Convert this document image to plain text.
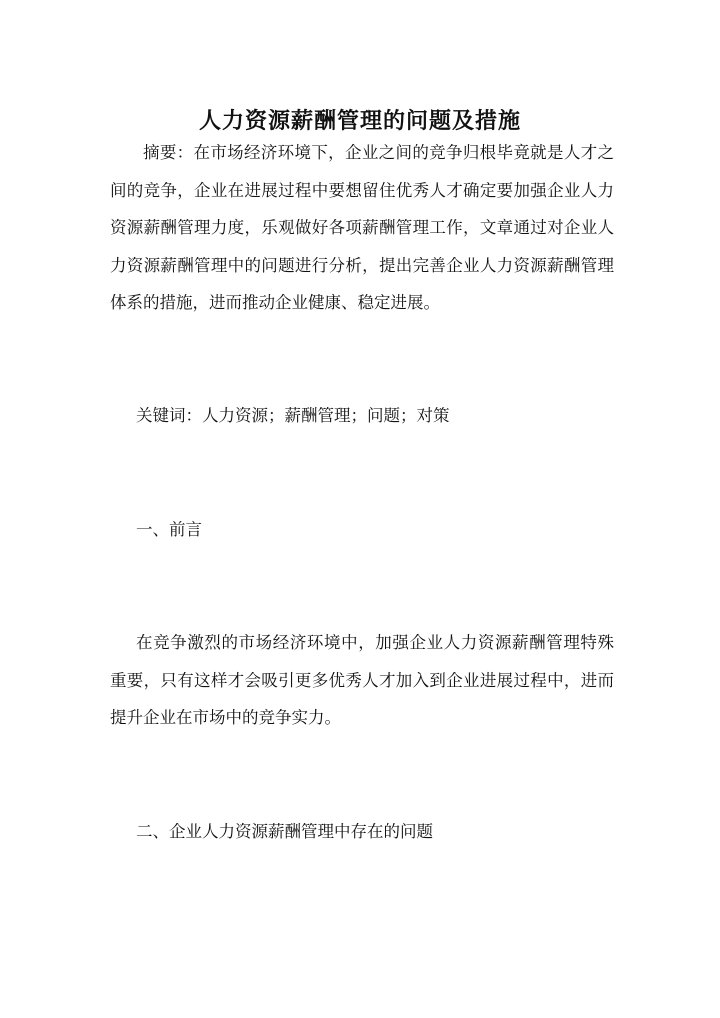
人力资源薪酬管理的问题及措施

摘要：在市场经济环境下，企业之间的竞争归根毕竟就是人才之间的竞争，企业在进展过程中要想留住优秀人才确定要加强企业人力资源薪酬管理力度，乐观做好各项薪酬管理工作，文章通过对企业人力资源薪酬管理中的问题进行分析，提出完善企业人力资源薪酬管理体系的措施，进而推动企业健康、稳定进展。

关键词：人力资源；薪酬管理；问题；对策

一、前言

在竞争激烈的市场经济环境中，加强企业人力资源薪酬管理特殊重要，只有这样才会吸引更多优秀人才加入到企业进展过程中，进而提升企业在市场中的竞争实力。

二、企业人力资源薪酬管理中存在的问题
